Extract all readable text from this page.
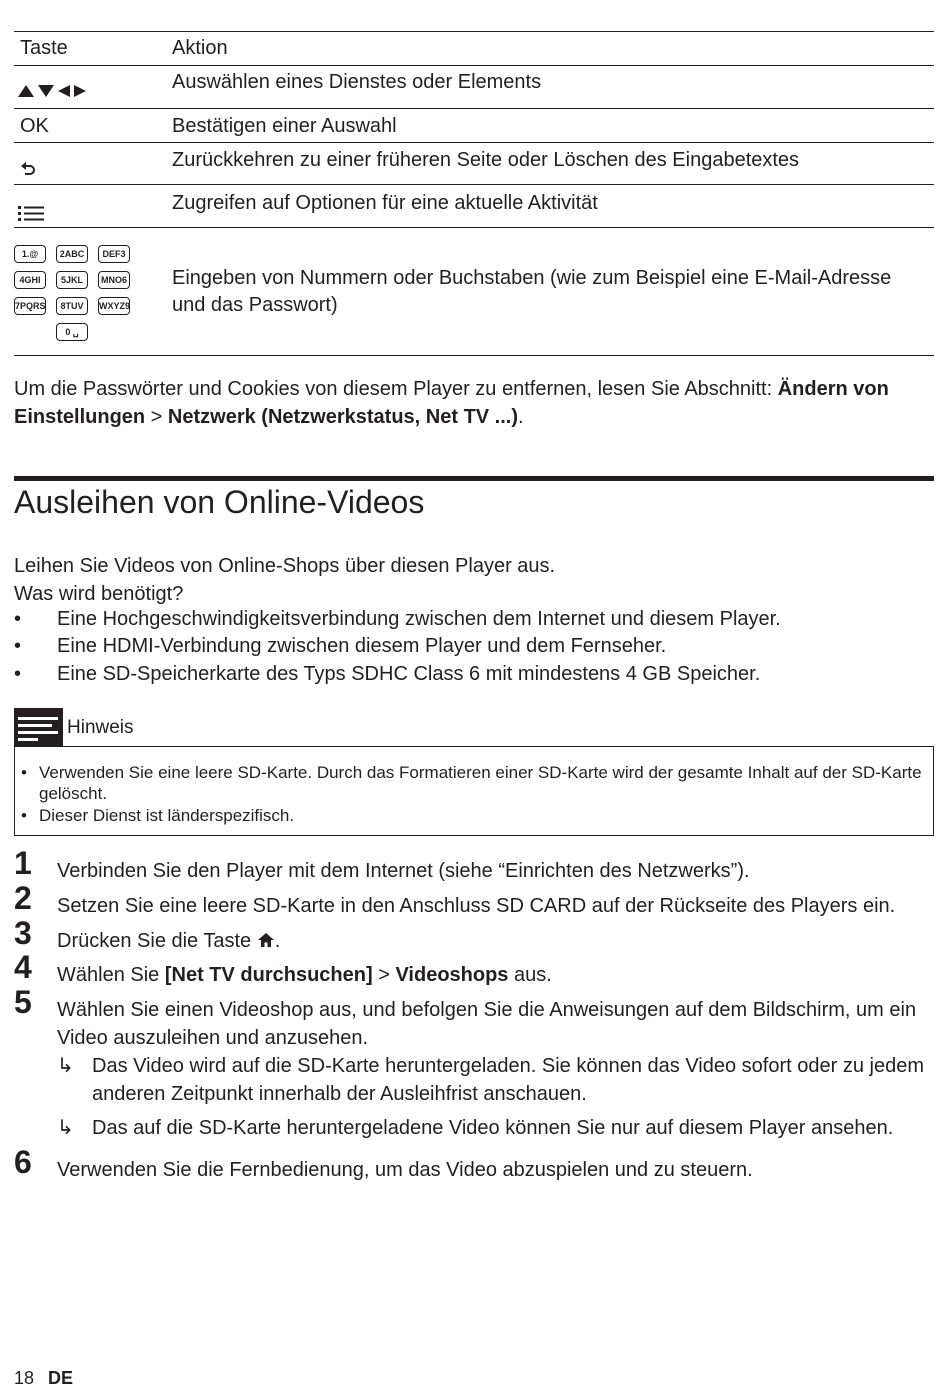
Taste	Aktion
Auswählen eines Dienstes oder Elements
OK	Bestätigen einer Auswahl
Zurückkehren zu einer früheren Seite oder Löschen des Eingabetextes
Zugreifen auf Optionen für eine aktuelle Aktivität
1.@ 2ABC DEF3
4GHI 5JKL MNO6
7PQRS 8TUV WXYZ9
0 ␣
Eingeben von Nummern oder Buchstaben (wie zum Beispiel eine E-Mail-Adresse
und das Passwort)
Um die Passwörter und Cookies von diesem Player zu entfernen, lesen Sie Abschnitt: Ändern von
Einstellungen > Netzwerk (Netzwerkstatus, Net TV ...).
Ausleihen von Online-Videos
Leihen Sie Videos von Online-Shops über diesen Player aus.
Was wird benötigt?
• Eine Hochgeschwindigkeitsverbindung zwischen dem Internet und diesem Player.
• Eine HDMI-Verbindung zwischen diesem Player und dem Fernseher.
• Eine SD-Speicherkarte des Typs SDHC Class 6 mit mindestens 4 GB Speicher.
Hinweis
• Verwenden Sie eine leere SD-Karte. Durch das Formatieren einer SD-Karte wird der gesamte Inhalt auf der SD-Karte gelöscht.
• Dieser Dienst ist länderspezifisch.
1 Verbinden Sie den Player mit dem Internet (siehe “Einrichten des Netzwerks”).
2 Setzen Sie eine leere SD-Karte in den Anschluss SD CARD auf der Rückseite des Players ein.
3 Drücken Sie die Taste .
4 Wählen Sie [Net TV durchsuchen] > Videoshops aus.
5 Wählen Sie einen Videoshop aus, und befolgen Sie die Anweisungen auf dem Bildschirm, um ein Video auszuleihen und anzusehen.
↳ Das Video wird auf die SD-Karte heruntergeladen. Sie können das Video sofort oder zu jedem anderen Zeitpunkt innerhalb der Ausleihfrist anschauen.
↳ Das auf die SD-Karte heruntergeladene Video können Sie nur auf diesem Player ansehen.
6 Verwenden Sie die Fernbedienung, um das Video abzuspielen und zu steuern.
18 DE
